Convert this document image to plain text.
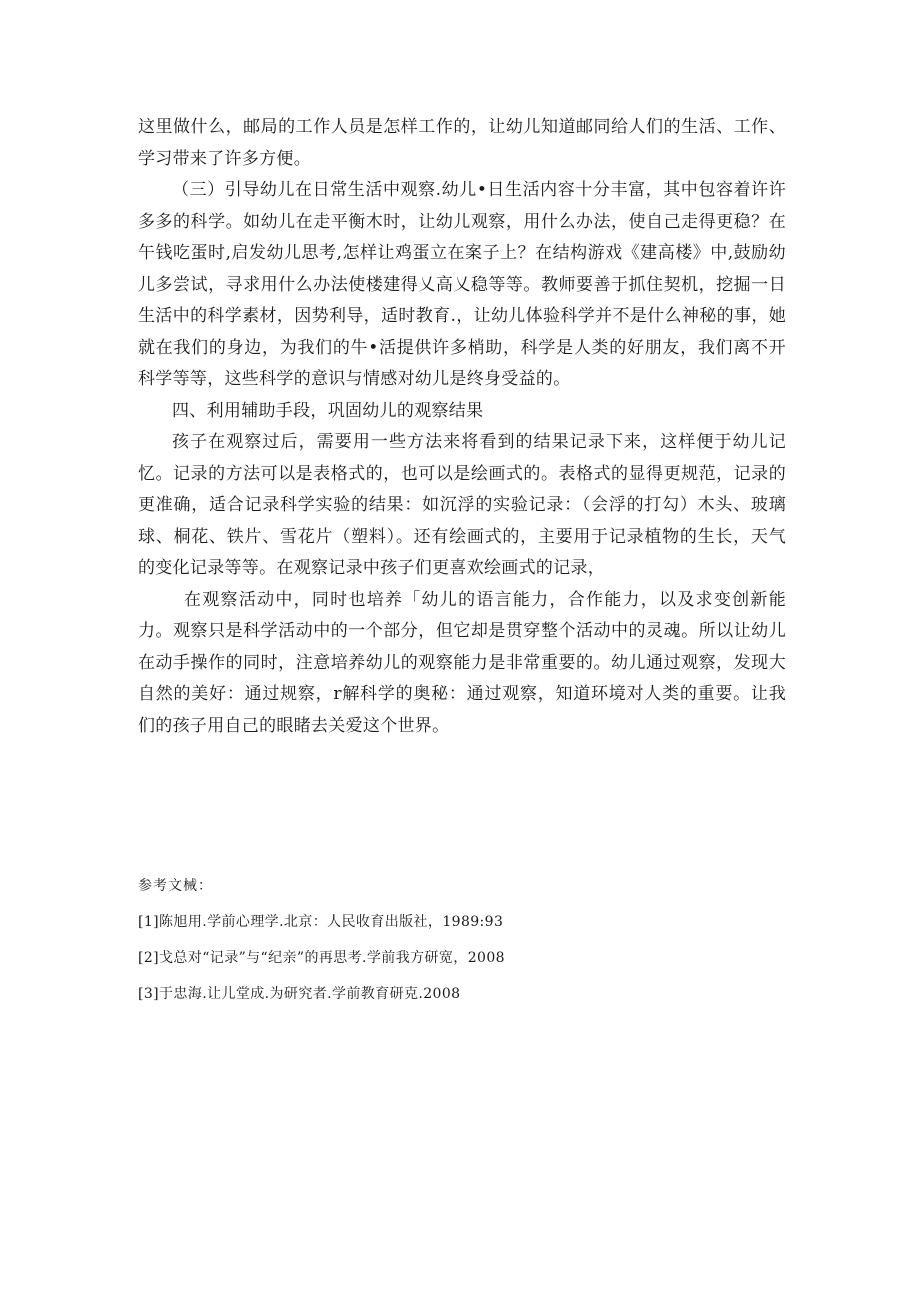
这里做什么，邮局的工作人员是怎样工作的，让幼儿知道邮同给人们的生活、工作、学习带来了许多方便。

（三）引导幼儿在日常生活中观察.幼儿•日生活内容十分丰富，其中包容着许许多多的科学。如幼儿在走平衡木时，让幼儿观察，用什么办法，使自己走得更稳？在午钱吃蛋时,启发幼儿思考,怎样让鸡蛋立在案子上？在结构游戏《建高楼》中,鼓励幼儿多尝试，寻求用什么办法使楼建得乂高乂稳等等。教师要善于抓住契机，挖掘一日生活中的科学素材，因势利导，适时教育.，让幼儿体验科学并不是什么神秘的事，她就在我们的身边，为我们的牛•活提供许多梢助，科学是人类的好朋友，我们离不开科学等等，这些科学的意识与情感对幼儿是终身受益的。

四、利用辅助手段，巩固幼儿的观察结果

孩子在观察过后，需要用一些方法来将看到的结果记录下来，这样便于幼儿记忆。记录的方法可以是表格式的，也可以是绘画式的。表格式的显得更规范，记录的更准确，适合记录科学实验的结果：如沉浮的实验记录：（会浮的打勾）木头、玻璃球、桐花、铁片、雪花片（塑料）。还有绘画式的，主要用于记录植物的生长，天气的变化记录等等。在观察记录中孩子们更喜欢绘画式的记录，

在观察活动中，同时也培养「幼儿的语言能力，合作能力，以及求变创新能力。观察只是科学活动中的一个部分，但它却是贯穿整个活动中的灵魂。所以让幼儿在动手操作的同时，注意培养幼儿的观察能力是非常重要的。幼儿通过观察，发现大自然的美好：通过规察，r解科学的奥秘：通过观察，知道环境对人类的重要。让我们的孩子用自己的眼睹去关爱这个世界。

参考文械：

[1]陈旭用.学前心理学.北京：人民收育出版社，1989:93

[2]戈总对“记录”与“纪亲”的再思考.学前我方研宽，2008

[3]于忠海.让儿堂成.为研究者.学前教育研克.2008
